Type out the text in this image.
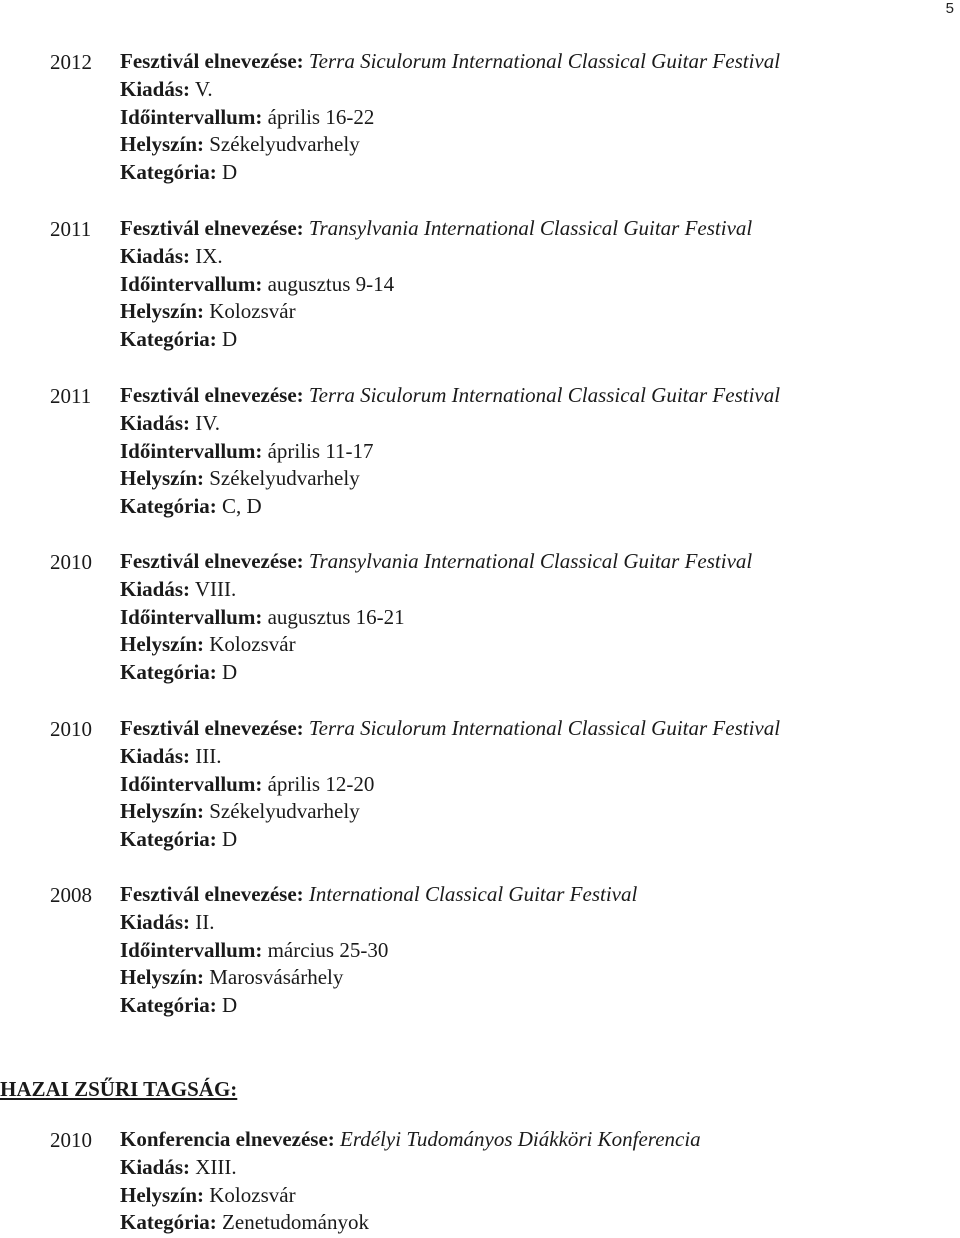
5
2012 Fesztivál elnevezése: Terra Siculorum International Classical Guitar Festival
Kiadás: V.
Időintervallum: április 16-22
Helyszín: Székelyudvarhely
Kategória: D
2011 Fesztivál elnevezése: Transylvania International Classical Guitar Festival
Kiadás: IX.
Időintervallum: augusztus 9-14
Helyszín: Kolozsvár
Kategória: D
2011 Fesztivál elnevezése: Terra Siculorum International Classical Guitar Festival
Kiadás: IV.
Időintervallum: április 11-17
Helyszín: Székelyudvarhely
Kategória: C, D
2010 Fesztivál elnevezése: Transylvania International Classical Guitar Festival
Kiadás: VIII.
Időintervallum: augusztus 16-21
Helyszín: Kolozsvár
Kategória: D
2010 Fesztivál elnevezése: Terra Siculorum International Classical Guitar Festival
Kiadás: III.
Időintervallum: április 12-20
Helyszín: Székelyudvarhely
Kategória: D
2008 Fesztivál elnevezése: International Classical Guitar Festival
Kiadás: II.
Időintervallum: március 25-30
Helyszín: Marosvásárhely
Kategória: D
HAZAI ZSŰRI TAGSÁG:
2010 Konferencia elnevezése: Erdélyi Tudományos Diákköri Konferencia
Kiadás: XIII.
Helyszín: Kolozsvár
Kategória: Zenetudományok
